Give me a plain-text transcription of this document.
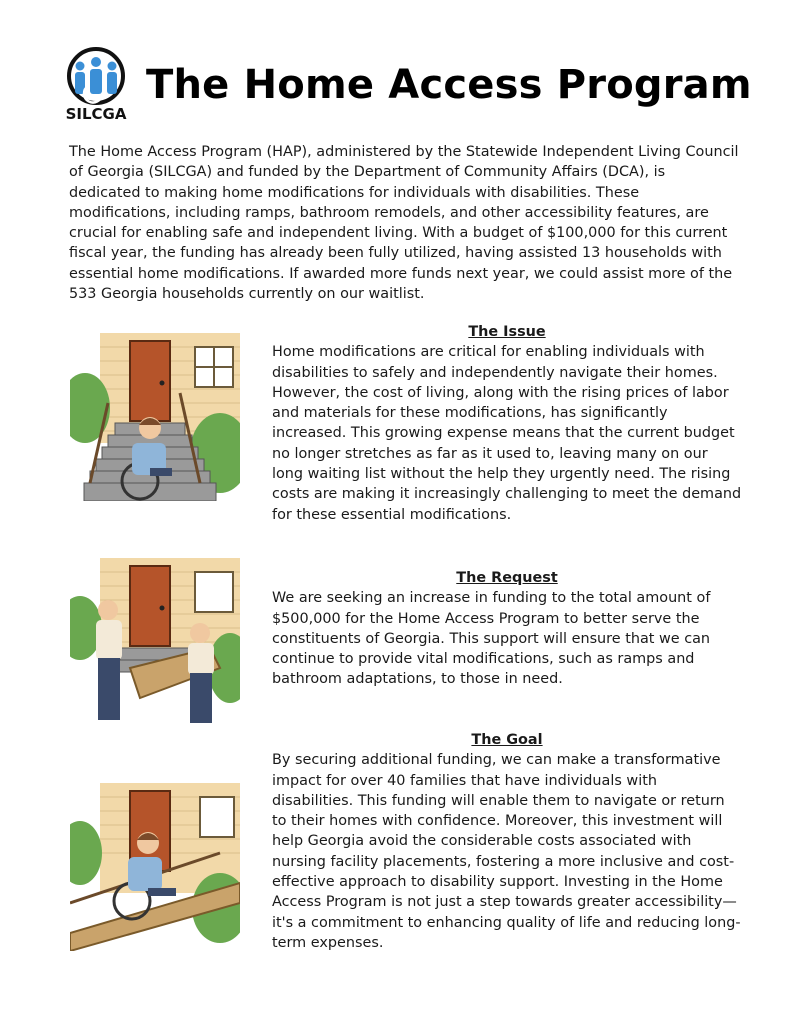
SILCGA
The Home Access Program
The Home Access Program (HAP), administered by the Statewide Independent Living Council of Georgia (SILCGA) and funded by the Department of Community Affairs (DCA), is dedicated to making home modifications for individuals with disabilities. These modifications, including ramps, bathroom remodels, and other accessibility features, are crucial for enabling safe and independent living. With a budget of $100,000 for this current fiscal year, the funding has already been fully utilized, having assisted 13 households with essential home modifications. If awarded more funds next year, we could assist more of the 533 Georgia households currently on our waitlist.
The Issue
Home modifications are critical for enabling individuals with disabilities to safely and independently navigate their homes. However, the cost of living, along with the rising prices of labor and materials for these modifications, has significantly increased. This growing expense means that the current budget no longer stretches as far as it used to, leaving many on our long waiting list without the help they urgently need. The rising costs are making it increasingly challenging to meet the demand for these essential modifications.
The Request
We are seeking an increase in funding to the total amount of $500,000 for the Home Access Program to better serve the constituents of Georgia. This support will ensure that we can continue to provide vital modifications, such as ramps and bathroom adaptations, to those in need.
The Goal
By securing additional funding, we can make a transformative impact for over 40 families that have individuals with disabilities. This funding will enable them to navigate or return to their homes with confidence. Moreover, this investment will help Georgia avoid the considerable costs associated with nursing facility placements, fostering a more inclusive and cost-effective approach to disability support. Investing in the Home Access Program is not just a step towards greater accessibility—it's a commitment to enhancing quality of life and reducing long-term expenses.
